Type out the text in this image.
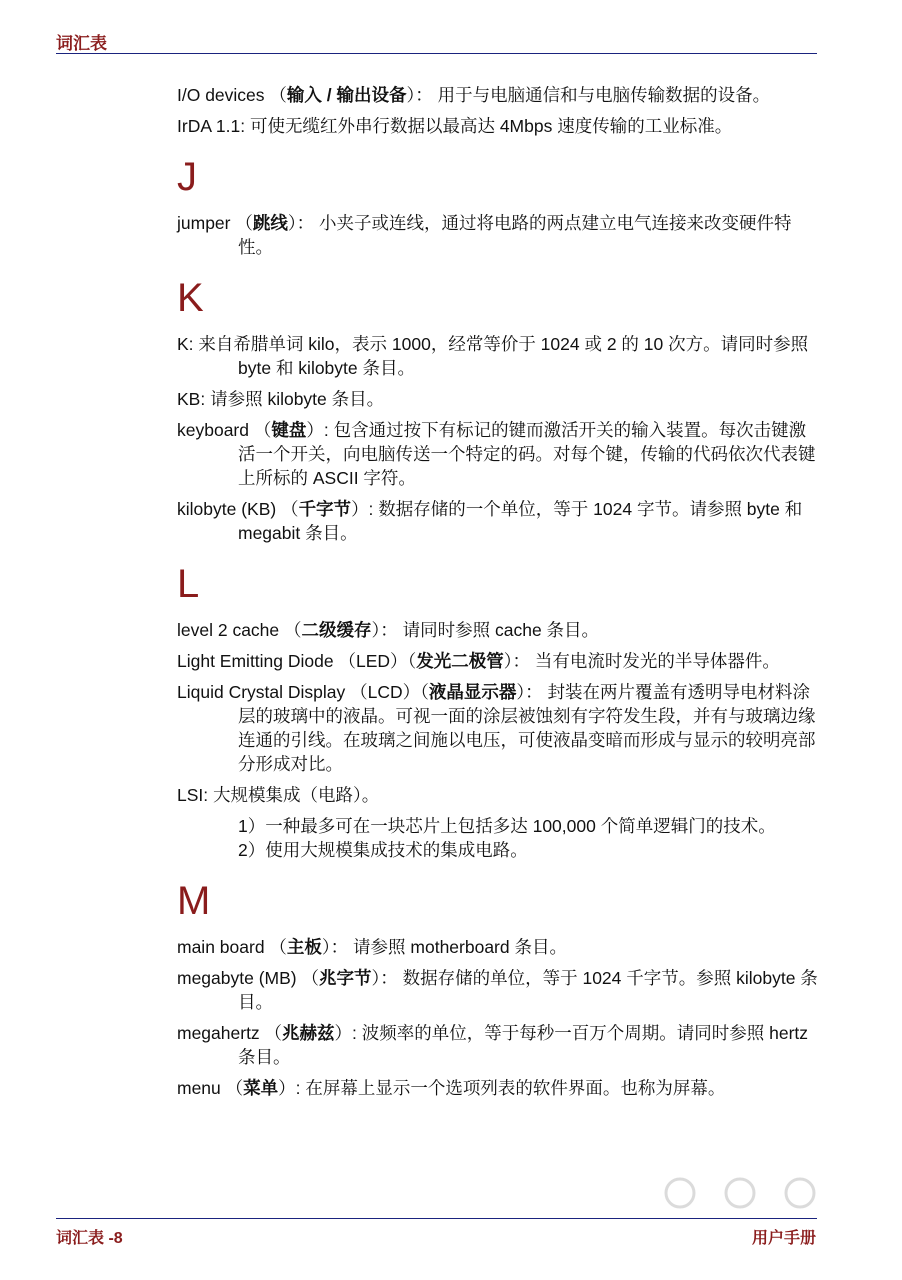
词汇表

I/O devices （输入 / 输出设备）： 用于与电脑通信和与电脑传输数据的设备。

IrDA 1.1: 可使无缆红外串行数据以最高达 4Mbps 速度传输的工业标准。

J

jumper （跳线）： 小夹子或连线，通过将电路的两点建立电气连接来改变硬件特性。

K

K: 来自希腊单词 kilo，表示 1000，经常等价于 1024 或 2 的 10 次方。请同时参照 byte 和 kilobyte 条目。

KB: 请参照 kilobyte 条目。

keyboard （键盘）: 包含通过按下有标记的键而激活开关的输入装置。每次击键激活一个开关，向电脑传送一个特定的码。对每个键，传输的代码依次代表键上所标的 ASCII 字符。

kilobyte (KB) （千字节）: 数据存储的一个单位，等于 1024 字节。请参照 byte 和 megabit 条目。

L

level 2 cache （二级缓存）： 请同时参照 cache 条目。

Light Emitting Diode （LED）（发光二极管）： 当有电流时发光的半导体器件。

Liquid Crystal Display （LCD）（液晶显示器）： 封装在两片覆盖有透明导电材料涂层的玻璃中的液晶。可视一面的涂层被蚀刻有字符发生段，并有与玻璃边缘连通的引线。在玻璃之间施以电压，可使液晶变暗而形成与显示的较明亮部分形成对比。

LSI: 大规模集成（电路）。

1）一种最多可在一块芯片上包括多达 100,000 个简单逻辑门的技术。

2）使用大规模集成技术的集成电路。

M

main board （主板）： 请参照 motherboard 条目。

megabyte (MB) （兆字节）： 数据存储的单位，等于 1024 千字节。参照 kilobyte 条目。

megahertz （兆赫兹）: 波频率的单位，等于每秒一百万个周期。请同时参照 hertz 条目。

menu （菜单）: 在屏幕上显示一个选项列表的软件界面。也称为屏幕。

词汇表 -8	用户手册
